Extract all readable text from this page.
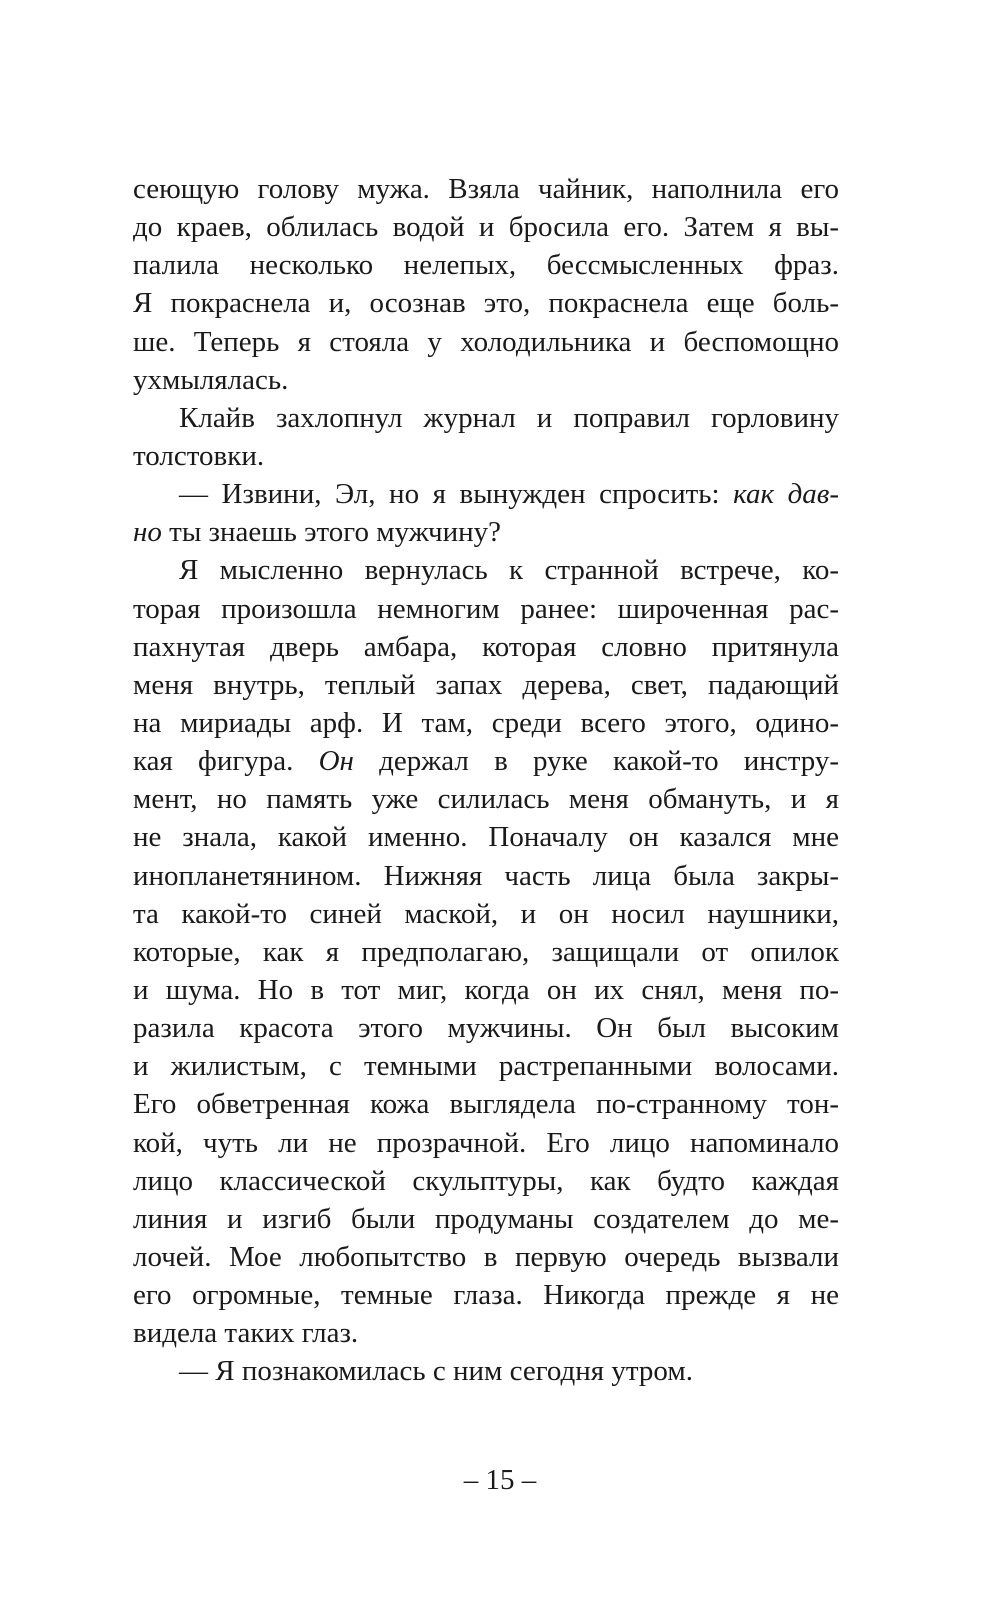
сеющую голову мужа. Взяла чайник, наполнила его
до краев, облилась водой и бросила его. Затем я вы-
палила несколько нелепых, бессмысленных фраз.
Я покраснела и, осознав это, покраснела еще боль-
ше. Теперь я стояла у холодильника и беспомощно
ухмылялась.
Клайв захлопнул журнал и поправил горловину
толстовки.
— Извини, Эл, но я вынужден спросить: как дав-
но ты знаешь этого мужчину?
Я мысленно вернулась к странной встрече, ко-
торая произошла немногим ранее: широченная рас-
пахнутая дверь амбара, которая словно притянула
меня внутрь, теплый запах дерева, свет, падающий
на мириады арф. И там, среди всего этого, одино-
кая фигура. Он держал в руке какой-то инстру-
мент, но память уже силилась меня обмануть, и я
не знала, какой именно. Поначалу он казался мне
инопланетянином. Нижняя часть лица была закры-
та какой-то синей маской, и он носил наушники,
которые, как я предполагаю, защищали от опилок
и шума. Но в тот миг, когда он их снял, меня по-
разила красота этого мужчины. Он был высоким
и жилистым, с темными растрепанными волосами.
Его обветренная кожа выглядела по-странному тон-
кой, чуть ли не прозрачной. Его лицо напоминало
лицо классической скульптуры, как будто каждая
линия и изгиб были продуманы создателем до ме-
лочей. Мое любопытство в первую очередь вызвали
его огромные, темные глаза. Никогда прежде я не
видела таких глаз.
— Я познакомилась с ним сегодня утром.
– 15 –
